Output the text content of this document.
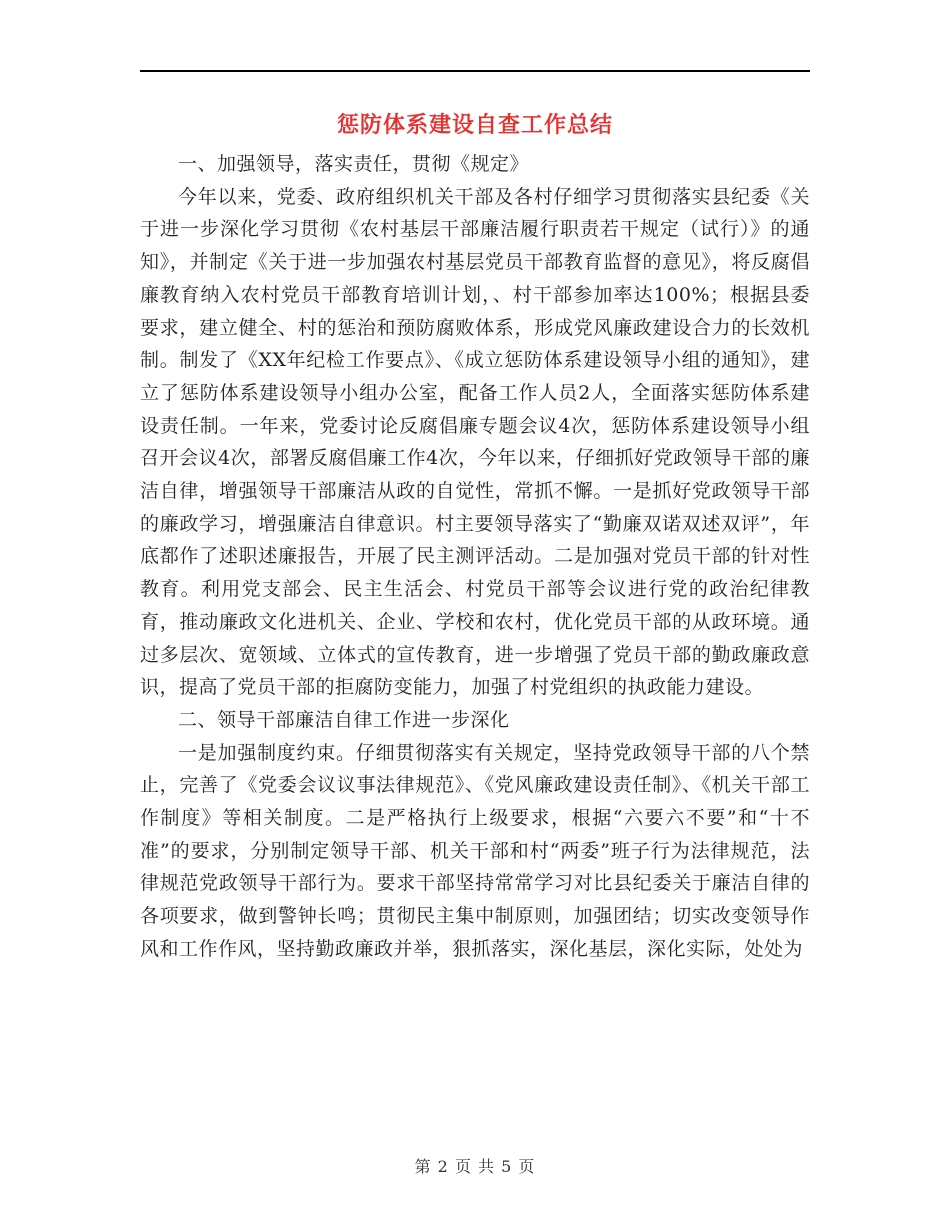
惩防体系建设自查工作总结

一、加强领导，落实责任，贯彻《规定》

今年以来，党委、政府组织机关干部及各村仔细学习贯彻落实县纪委《关于进一步深化学习贯彻《农村基层干部廉洁履行职责若干规定（试行）》的通知》，并制定《关于进一步加强农村基层党员干部教育监督的意见》，将反腐倡廉教育纳入农村党员干部教育培训计划，、村干部参加率达100%；根据县委要求，建立健全、村的惩治和预防腐败体系，形成党风廉政建设合力的长效机制。制发了《XX年纪检工作要点》、《成立惩防体系建设领导小组的通知》，建立了惩防体系建设领导小组办公室，配备工作人员2人，全面落实惩防体系建设责任制。一年来，党委讨论反腐倡廉专题会议4次，惩防体系建设领导小组召开会议4次，部署反腐倡廉工作4次，今年以来，仔细抓好党政领导干部的廉洁自律，增强领导干部廉洁从政的自觉性，常抓不懈。一是抓好党政领导干部的廉政学习，增强廉洁自律意识。村主要领导落实了“勤廉双诺双述双评”，年底都作了述职述廉报告，开展了民主测评活动。二是加强对党员干部的针对性教育。利用党支部会、民主生活会、村党员干部等会议进行党的政治纪律教育，推动廉政文化进机关、企业、学校和农村，优化党员干部的从政环境。通过多层次、宽领域、立体式的宣传教育，进一步增强了党员干部的勤政廉政意识，提高了党员干部的拒腐防变能力，加强了村党组织的执政能力建设。

二、领导干部廉洁自律工作进一步深化

一是加强制度约束。仔细贯彻落实有关规定，坚持党政领导干部的八个禁止，完善了《党委会议议事法律规范》、《党风廉政建设责任制》、《机关干部工作制度》等相关制度。二是严格执行上级要求，根据“六要六不要”和“十不准”的要求，分别制定领导干部、机关干部和村“两委”班子行为法律规范，法律规范党政领导干部行为。要求干部坚持常常学习对比县纪委关于廉洁自律的各项要求，做到警钟长鸣；贯彻民主集中制原则，加强团结；切实改变领导作风和工作作风，坚持勤政廉政并举，狠抓落实，深化基层，深化实际，处处为

第 2 页 共 5 页
